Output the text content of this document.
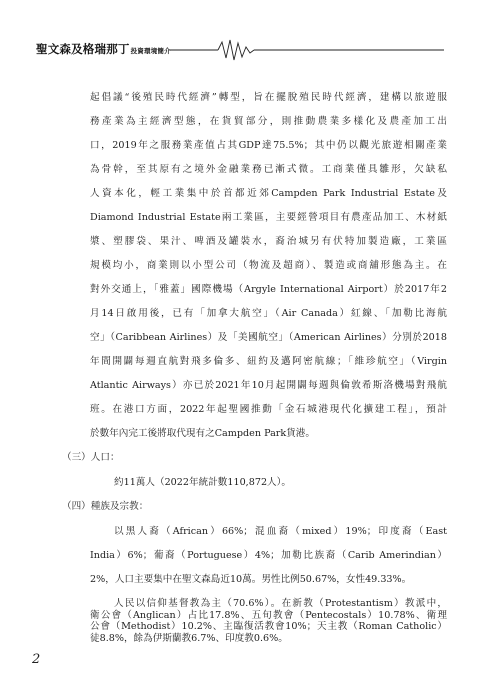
聖文森及格瑞那丁投資環境簡介
起倡議“後殖民時代經濟”轉型，旨在擺脫殖民時代經濟，建構以旅遊服
務產業為主經濟型態，在貨貿部分，則推動農業多樣化及農產加工出
口，2019年之服務業產值占其GDP達75.5%；其中仍以觀光旅遊相關產業
為骨幹，至其原有之境外金融業務已漸式微。工商業僅具雛形，欠缺私
人資本化，輕工業集中於首都近郊Campden Park Industrial Estate及
Diamond Industrial Estate兩工業區，主要經營項目有農產品加工、木材紙
漿、塑膠袋、果汁、啤酒及罐裝水，裔治城另有伏特加製造廠，工業區
規模均小，商業則以小型公司（物流及超商）、製造或商舖形態為主。在
對外交通上，「雅蓋」國際機場（Argyle International Airport）於2017年2
月14日啟用後，已有「加拿大航空」（Air Canada）紅線、「加勒比海航
空」（Caribbean Airlines）及「美國航空」（American Airlines）分別於2018
年間開闢每週直航對飛多倫多、紐約及邁阿密航線；「維珍航空」（Virgin
Atlantic Airways）亦已於2021年10月起開闢每週與倫敦希斯洛機場對飛航
班。在港口方面，2022年起聖國推動「金石城港現代化擴建工程」，預計
於數年內完工後將取代現有之Campden Park貨港。
（三）人口：
約11萬人（2022年統計數110,872人）。
（四）種族及宗教：
以黑人裔（African）66%；混血裔（mixed）19%；印度裔（East
India）6%；葡裔（Portuguese）4%；加勒比族裔（Carib Amerindian）
2%，人口主要集中在聖文森島近10萬。男性比例50.67%，女性49.33%。
人民以信仰基督教為主（70.6%）。在新教（Protestantism）教派中，
衛公會（Anglican）占比17.8%、五旬教會（Pentecostals）10.78%、衛理
公會（Methodist）10.2%、主臨復活教會10%；天主教（Roman Catholic）
徒8.8%，餘為伊斯蘭教6.7%、印度教0.6%。
2
